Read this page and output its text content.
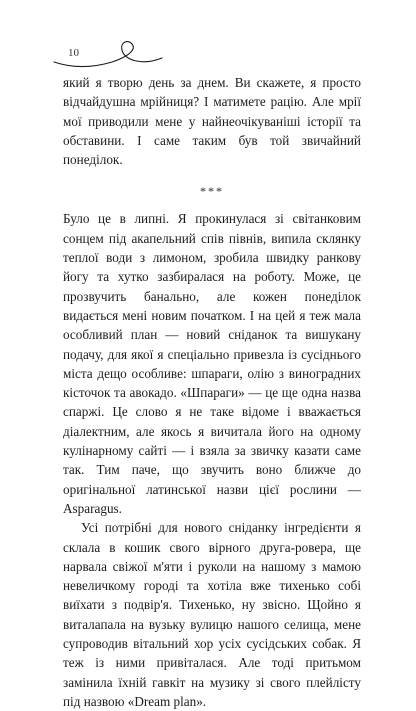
10

який я творю день за днем. Ви скажете, я просто відчайдушна мрійниця? І матимете рацію. Але мрії мої приводили мене у найнеочікуваніші історії та обставини. І саме таким був той звичайний понеділок.

***

Було це в липні. Я прокинулася зі світанковим сонцем під акапельний спів півнів, випила склянку теплої води з лимоном, зробила швидку ранкову йогу та хутко зазбиралася на роботу. Може, це прозвучить банально, але кожен понеділок видається мені новим початком. І на цей я теж мала особливий план — новий сніданок та вишукану подачу, для якої я спеціально привезла із сусіднього міста дещо особливе: шпараги, олію з виноградних кісточок та авокадо. «Шпараги» — це ще одна назва спаржі. Це слово я не таке відоме і вважається діалектним, але якось я вичитала його на одному кулінарному сайті — і взяла за звичку казати саме так. Тим паче, що звучить воно ближче до оригінальної латинської назви цієї рослини — Asparagus.

Усі потрібні для нового сніданку інгредієнти я склала в кошик свого вірного друга-ровера, ще нарвала свіжої м'яти і руколи на нашому з мамою невеличкому городі та хотіла вже тихенько собі виїхати з подвір'я. Тихенько, ну звісно. Щойно я виталапала на вузьку вулицю нашого селища, мене супроводив вітальний хор усіх сусідських собак. Я теж із ними привіталася. Але тоді притьмом замінила їхній гавкіт на музику зі свого плейлісту під назвою «Dream plan».
